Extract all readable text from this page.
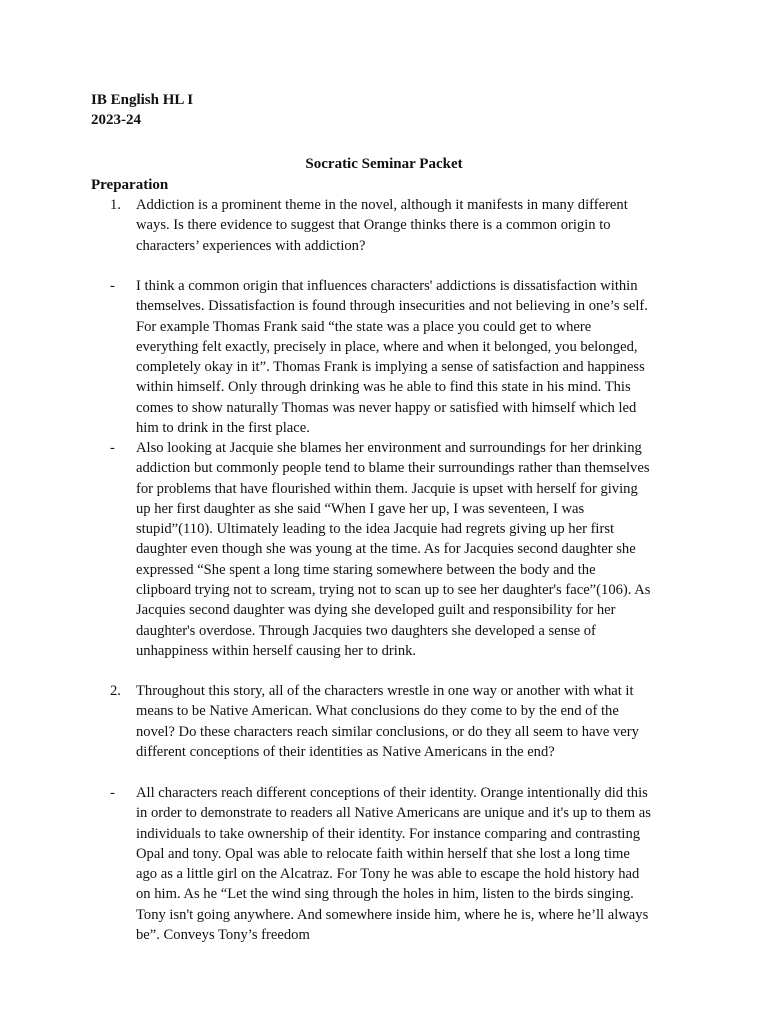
IB English HL I
2023-24
Socratic Seminar Packet
Preparation
1.	Addiction is a prominent theme in the novel, although it manifests in many different ways. Is there evidence to suggest that Orange thinks there is a common origin to characters’ experiences with addiction?

-	I think a common origin that influences characters' addictions is dissatisfaction within themselves. Dissatisfaction is found through insecurities and not believing in one’s self. For example Thomas Frank said “the state was a place you could get to where everything felt exactly, precisely in place, where and when it belonged, you belonged, completely okay in it”. Thomas Frank is implying a sense of satisfaction and happiness within himself. Only through drinking was he able to find this state in his mind. This comes to show naturally Thomas was never happy or satisfied with himself which led him to drink in the first place.

-	Also looking at Jacquie she blames her environment and surroundings for her drinking addiction but commonly people tend to blame their surroundings rather than themselves for problems that have flourished within them. Jacquie is upset with herself for giving up her first daughter as she said “When I gave her up, I was seventeen, I was stupid”(110). Ultimately leading to the idea Jacquie had regrets giving up her first daughter even though she was young at the time. As for Jacquies second daughter she expressed “She spent a long time staring somewhere between the body and the clipboard trying not to scream, trying not to scan up to see her daughter's face”(106). As Jacquies second daughter was dying she developed guilt and responsibility for her daughter's overdose. Through Jacquies two daughters she developed a sense of unhappiness within herself causing her to drink.

2.	Throughout this story, all of the characters wrestle in one way or another with what it means to be Native American. What conclusions do they come to by the end of the novel? Do these characters reach similar conclusions, or do they all seem to have very different conceptions of their identities as Native Americans in the end?

-	All characters reach different conceptions of their identity. Orange intentionally did this in order to demonstrate to readers all Native Americans are unique and it's up to them as individuals to take ownership of their identity. For instance comparing and contrasting Opal and tony. Opal was able to relocate faith within herself that she lost a long time ago as a little girl on the Alcatraz. For Tony he was able to escape the hold history had on him. As he “Let the wind sing through the holes in him, listen to the birds singing. Tony isn't going anywhere. And somewhere inside him, where he is, where he’ll always be”. Conveys Tony’s freedom
